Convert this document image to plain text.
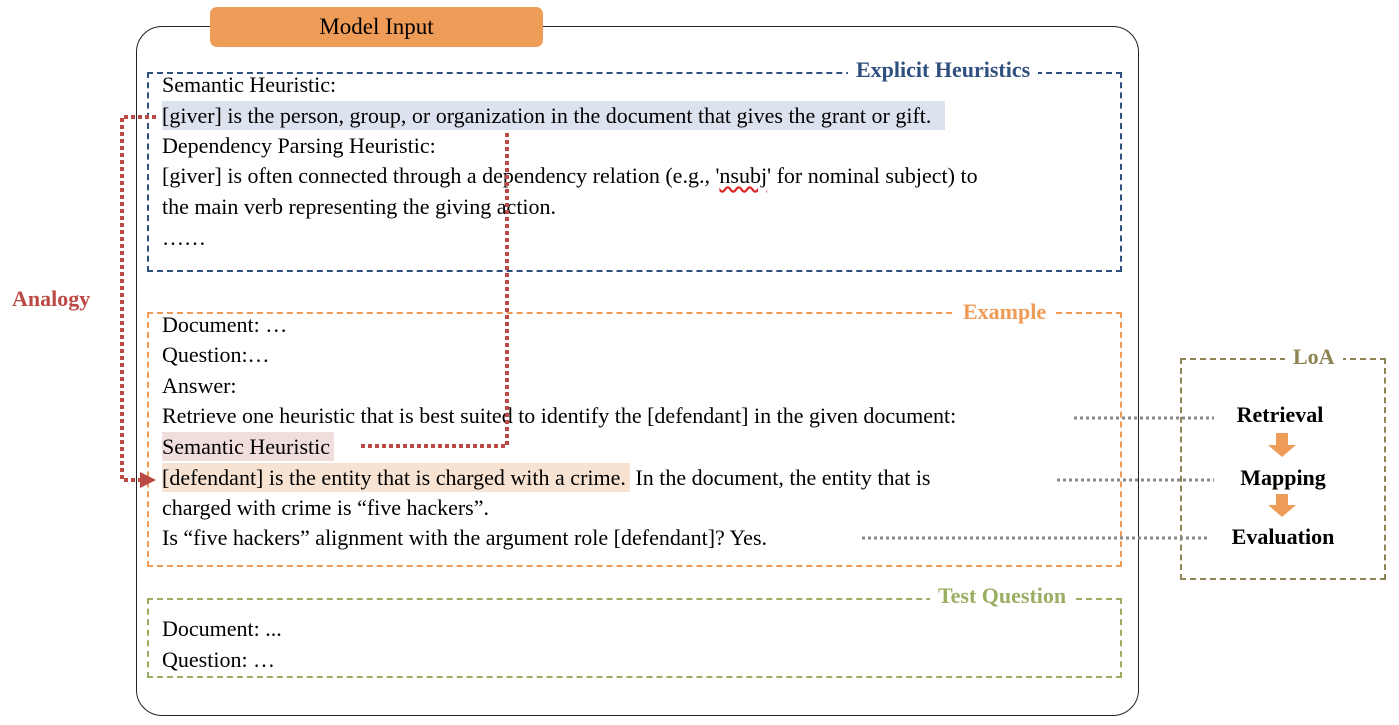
Model Input
Explicit Heuristics
Semantic Heuristic:
[giver] is the person, group, or organization in the document that gives the grant or gift.
Dependency Parsing Heuristic:
[giver] is often connected through a dependency relation (e.g., 'nsubj' for nominal subject) to
the main verb representing the giving action.
……
Example
Document: …
Question:…
Answer:
Retrieve one heuristic that is best suited to identify the [defendant] in the given document:
Semantic Heuristic
[defendant] is the entity that is charged with a crime. In the document, the entity that is
charged with crime is “five hackers”.
Is “five hackers” alignment with the argument role [defendant]? Yes.
Test Question
Document: ...
Question: …
LoA
Retrieval
Mapping
Evaluation
Analogy
